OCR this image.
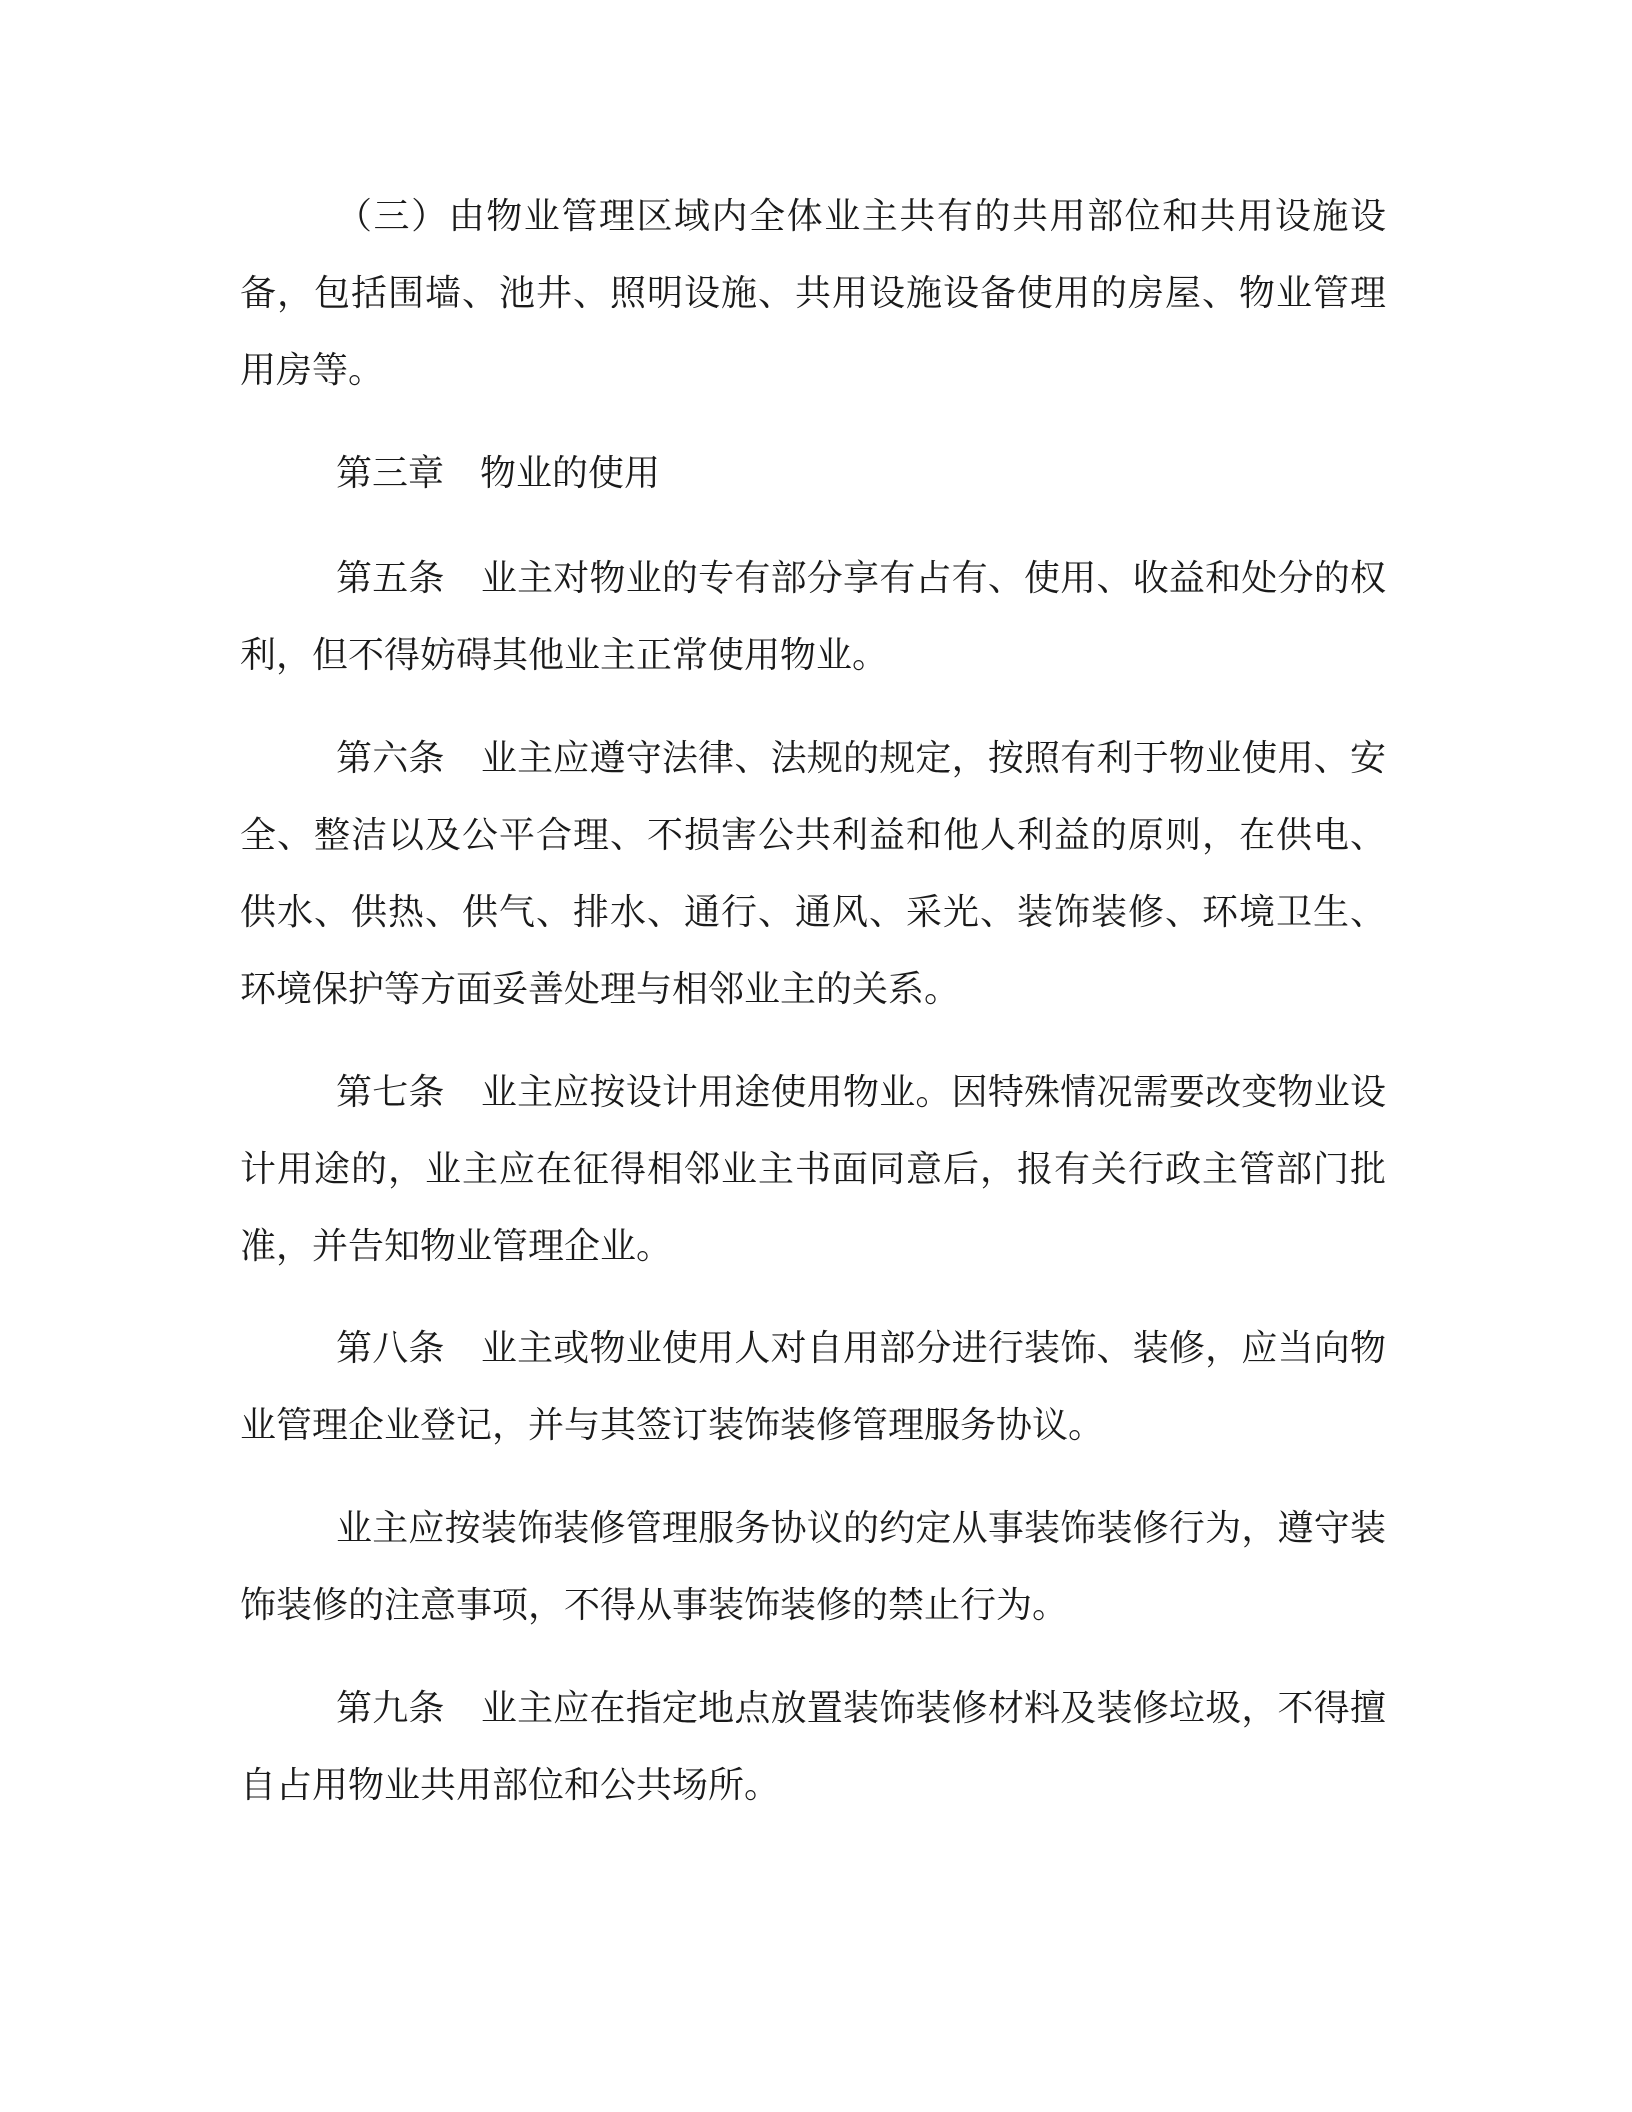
（三）由物业管理区域内全体业主共有的共用部位和共用设施设备，包括围墙、池井、照明设施、共用设施设备使用的房屋、物业管理用房等。

第三章　物业的使用

第五条　业主对物业的专有部分享有占有、使用、收益和处分的权利，但不得妨碍其他业主正常使用物业。

第六条　业主应遵守法律、法规的规定，按照有利于物业使用、安全、整洁以及公平合理、不损害公共利益和他人利益的原则，在供电、供水、供热、供气、排水、通行、通风、采光、装饰装修、环境卫生、环境保护等方面妥善处理与相邻业主的关系。

第七条　业主应按设计用途使用物业。因特殊情况需要改变物业设计用途的，业主应在征得相邻业主书面同意后，报有关行政主管部门批准，并告知物业管理企业。

第八条　业主或物业使用人对自用部分进行装饰、装修，应当向物业管理企业登记，并与其签订装饰装修管理服务协议。

业主应按装饰装修管理服务协议的约定从事装饰装修行为，遵守装饰装修的注意事项，不得从事装饰装修的禁止行为。

第九条　业主应在指定地点放置装饰装修材料及装修垃圾，不得擅自占用物业共用部位和公共场所。
